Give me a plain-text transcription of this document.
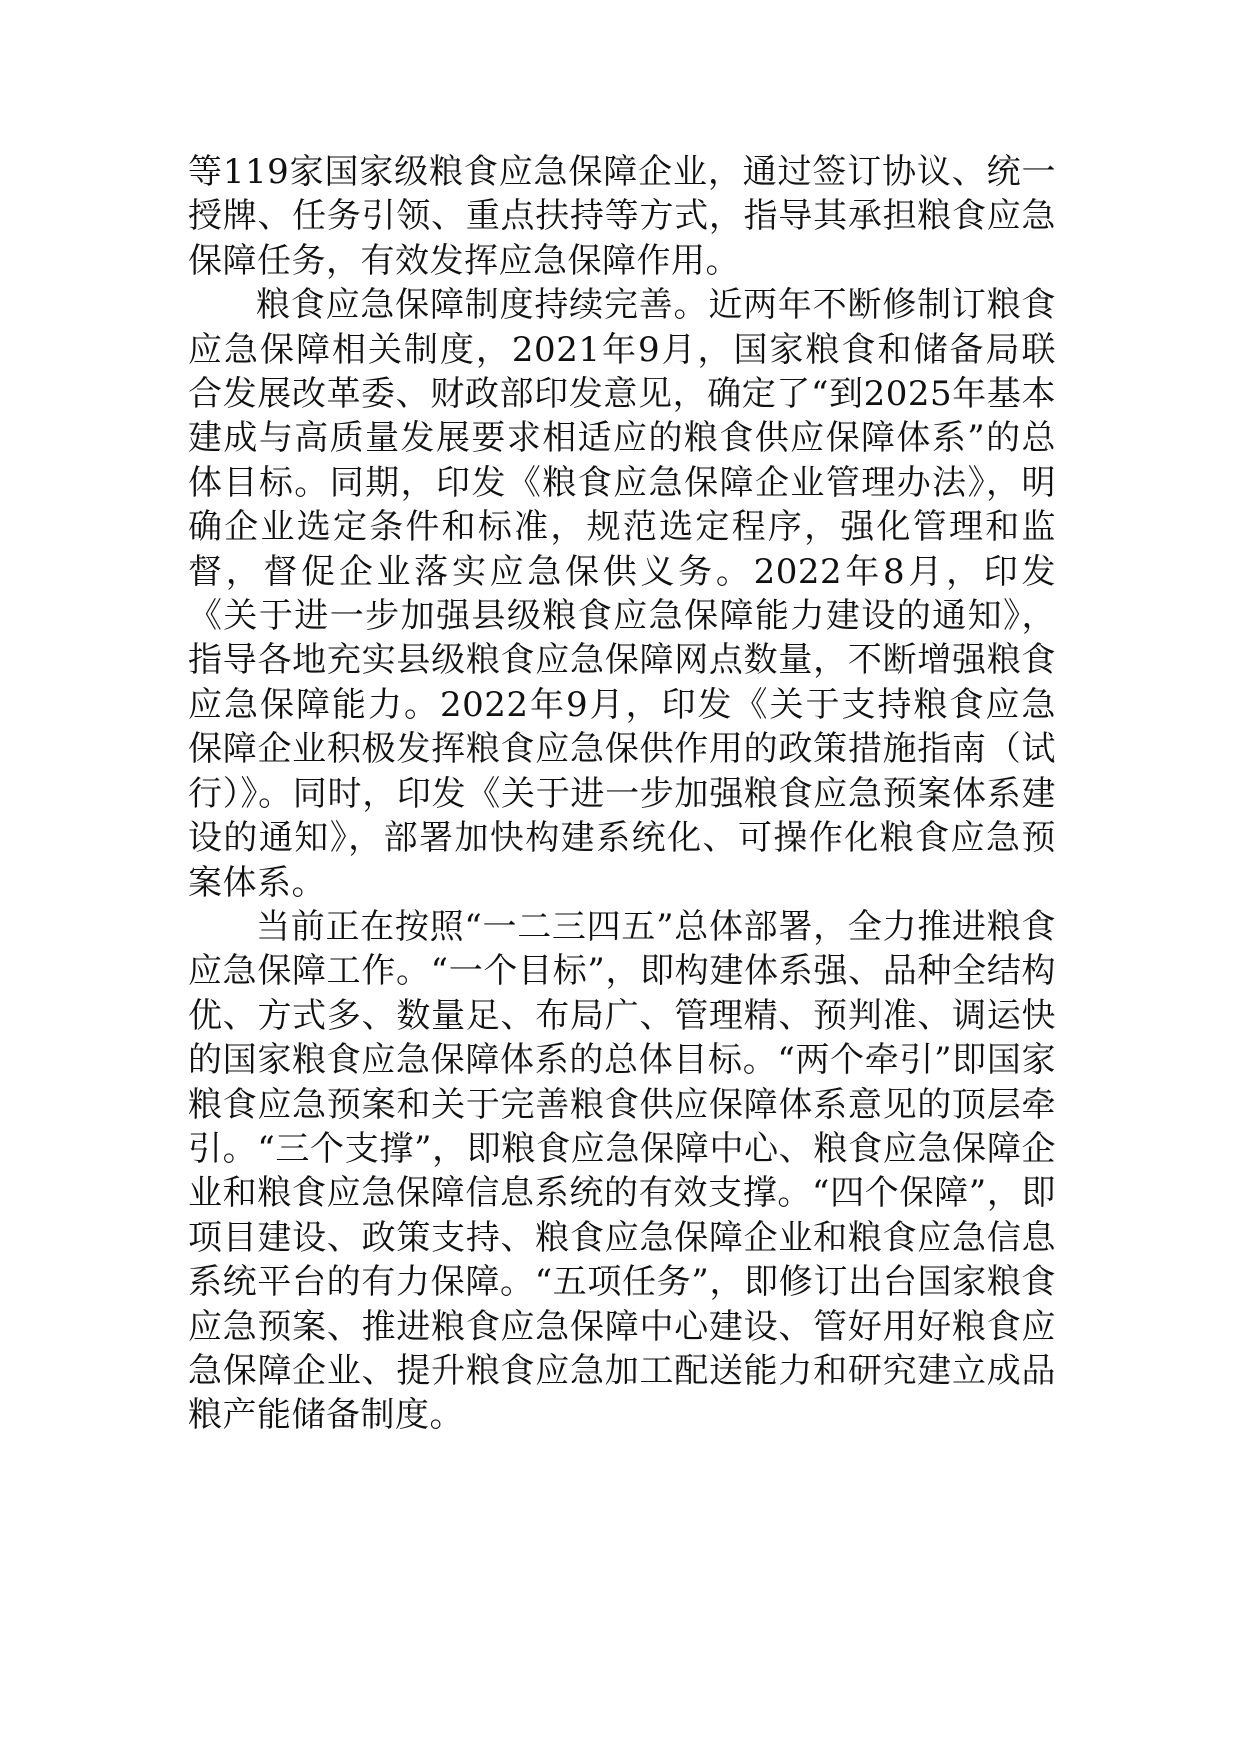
等119家国家级粮食应急保障企业，通过签订协议、统一授牌、任务引领、重点扶持等方式，指导其承担粮食应急保障任务，有效发挥应急保障作用。

粮食应急保障制度持续完善。近两年不断修制订粮食应急保障相关制度，2021年9月，国家粮食和储备局联合发展改革委、财政部印发意见，确定了“到2025年基本建成与高质量发展要求相适应的粮食供应保障体系”的总体目标。同期，印发《粮食应急保障企业管理办法》，明确企业选定条件和标准，规范选定程序，强化管理和监督，督促企业落实应急保供义务。2022年8月，印发《关于进一步加强县级粮食应急保障能力建设的通知》，指导各地充实县级粮食应急保障网点数量，不断增强粮食应急保障能力。2022年9月，印发《关于支持粮食应急保障企业积极发挥粮食应急保供作用的政策措施指南（试行）》。同时，印发《关于进一步加强粮食应急预案体系建设的通知》，部署加快构建系统化、可操作化粮食应急预案体系。

当前正在按照“一二三四五”总体部署，全力推进粮食应急保障工作。“一个目标”，即构建体系强、品种全结构优、方式多、数量足、布局广、管理精、预判准、调运快的国家粮食应急保障体系的总体目标。“两个牵引”即国家粮食应急预案和关于完善粮食供应保障体系意见的顶层牵引。“三个支撑”，即粮食应急保障中心、粮食应急保障企业和粮食应急保障信息系统的有效支撑。“四个保障”，即项目建设、政策支持、粮食应急保障企业和粮食应急信息系统平台的有力保障。“五项任务”，即修订出台国家粮食应急预案、推进粮食应急保障中心建设、管好用好粮食应急保障企业、提升粮食应急加工配送能力和研究建立成品粮产能储备制度。
